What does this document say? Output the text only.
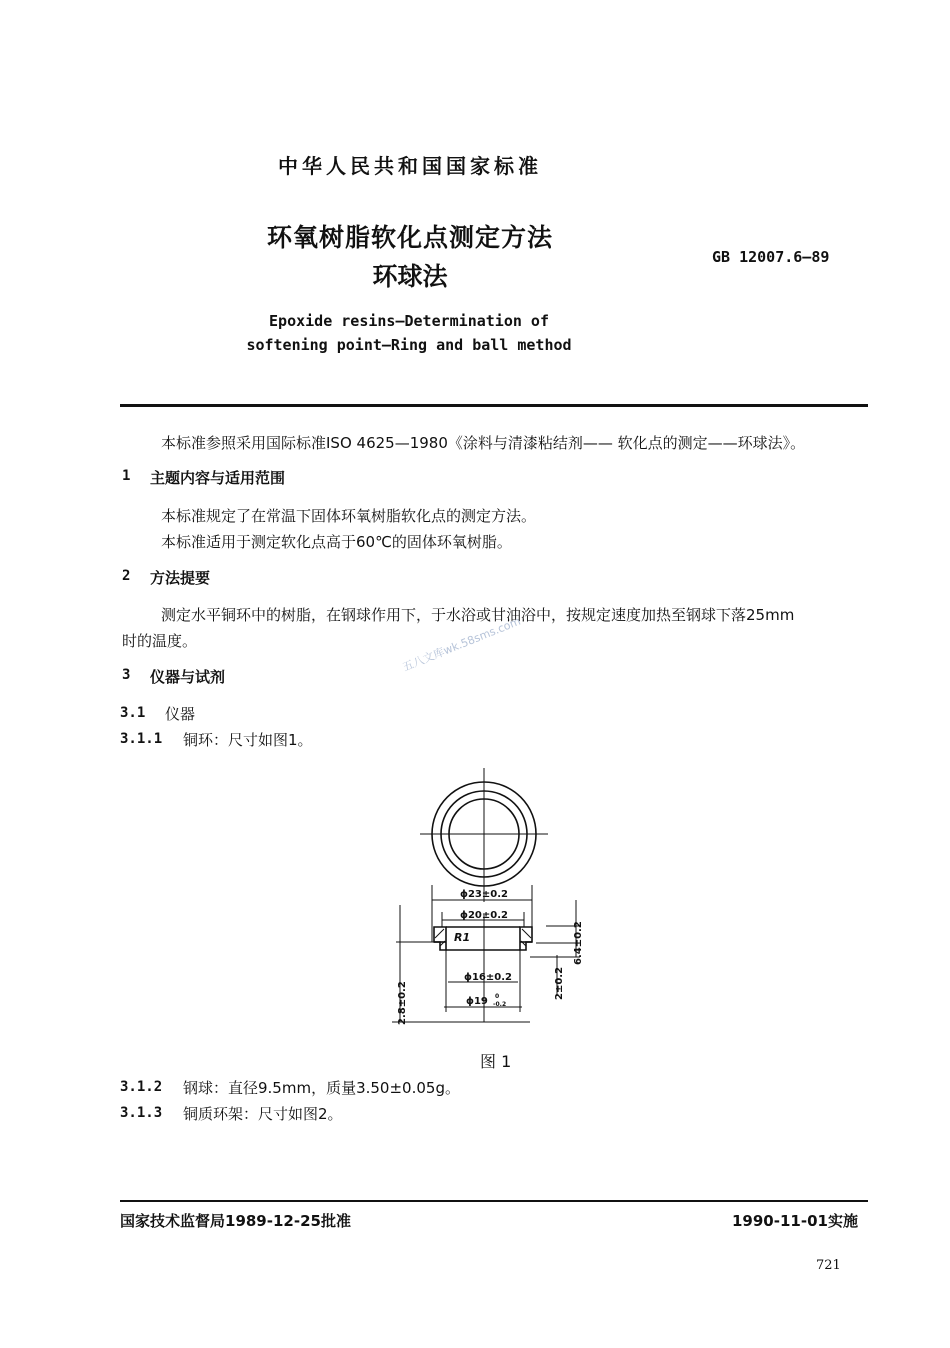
中华人民共和国国家标准
环氧树脂软化点测定方法
环球法
GB 12007.6—89
Epoxide resins—Determination of
softening point—Ring and ball method
本标准参照采用国际标准ISO 4625—1980《涂料与清漆粘结剂—— 软化点的测定——环球法》。
1 主题内容与适用范围
本标准规定了在常温下固体环氧树脂软化点的测定方法。
本标准适用于测定软化点高于60℃的固体环氧树脂。
2 方法提要
测定水平铜环中的树脂，在钢球作用下，于水浴或甘油浴中，按规定速度加热至钢球下落25mm
时的温度。	五八文库wk.58sms.com
3 仪器与试剂
3.1 仪器
3.1.1 铜环：尺寸如图1。
ϕ23±0.2
ϕ20±0.2
R1
ϕ16±0.2
ϕ19 0
-0.2
6.4±0.2
2±0.2
2.8±0.2
图 1
3.1.2 钢球：直径9.5mm，质量3.50±0.05g。
3.1.3 铜质环架：尺寸如图2。
国家技术监督局1989-12-25批准	1990-11-01实施
721
